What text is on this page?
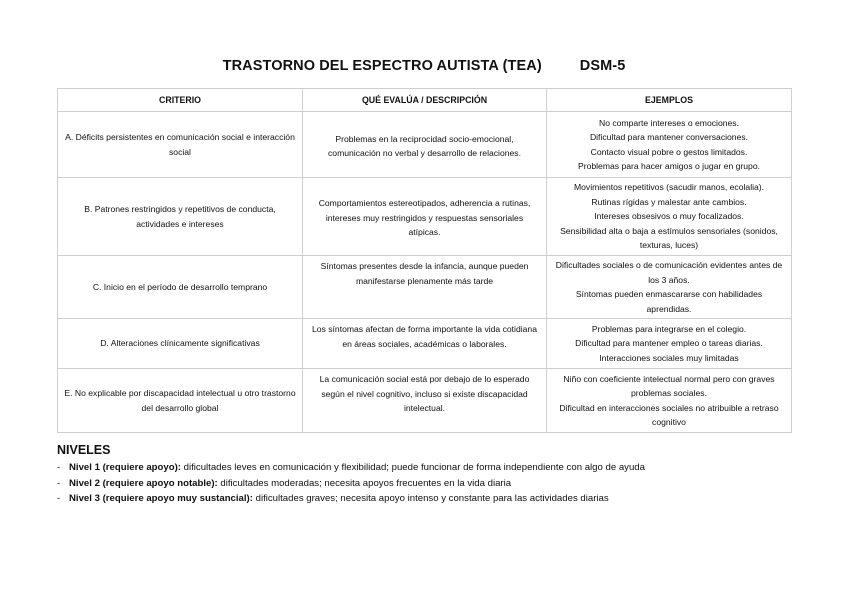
TRASTORNO DEL ESPECTRO AUTISTA (TEA)	DSM-5
CRITERIO	QUÉ EVALÚA / DESCRIPCIÓN	EJEMPLOS
A. Déficits persistentes en comunicación social e interacción social	Problemas en la reciprocidad socio-emocional, comunicación no verbal y desarrollo de relaciones.	No comparte intereses o emociones.
Dificultad para mantener conversaciones.
Contacto visual pobre o gestos limitados.
Problemas para hacer amigos o jugar en grupo.

B. Patrones restringidos y repetitivos de conducta, actividades e intereses	Comportamientos estereotipados, adherencia a rutinas, intereses muy restringidos y respuestas sensoriales atípicas.	Movimientos repetitivos (sacudir manos, ecolalia).
Rutinas rígidas y malestar ante cambios.
Intereses obsesivos o muy focalizados.
Sensibilidad alta o baja a estímulos sensoriales (sonidos, texturas, luces)

C. Inicio en el período de desarrollo temprano	Síntomas presentes desde la infancia, aunque pueden manifestarse plenamente más tarde	Dificultades sociales o de comunicación evidentes antes de los 3 años.
Síntomas pueden enmascararse con habilidades aprendidas.

D. Alteraciones clínicamente significativas	Los síntomas afectan de forma importante la vida cotidiana en áreas sociales, académicas o laborales.	Problemas para integrarse en el colegio.
Dificultad para mantener empleo o tareas diarias.
Interacciones sociales muy limitadas

E. No explicable por discapacidad intelectual u otro trastorno del desarrollo global	La comunicación social está por debajo de lo esperado según el nivel cognitivo, incluso si existe discapacidad intelectual.	Niño con coeficiente intelectual normal pero con graves problemas sociales.
Dificultad en interacciones sociales no atribuible a retraso cognitivo
NIVELES
- Nivel 1 (requiere apoyo): dificultades leves en comunicación y flexibilidad; puede funcionar de forma independiente con algo de ayuda
- Nivel 2 (requiere apoyo notable): dificultades moderadas; necesita apoyos frecuentes en la vida diaria
- Nivel 3 (requiere apoyo muy sustancial): dificultades graves; necesita apoyo intenso y constante para las actividades diarias
